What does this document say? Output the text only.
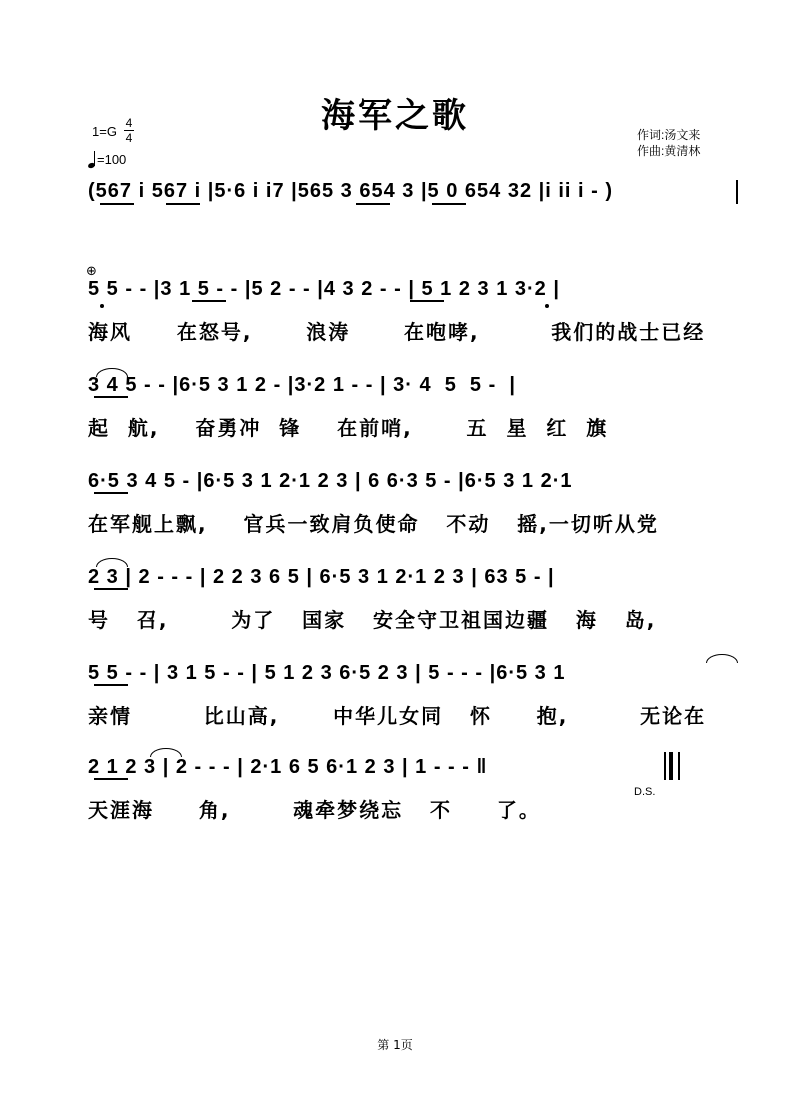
海军之歌
1=G
4
4
=100
作词:汤文来
作曲:黄清林
(567 i 567 i |5·6 i i7 |565 3 654 3 |5 0 654 32 |i ii i - )
⊕
5 5 - - |3 1 5 - - |5 2 - - |4 3 2 - - | 5 1 2 3 1 3·2 |
海风     在怒号,      浪涛      在咆哮,        我们的战士已经
3 4 5 - - |6·5 3 1 2 - |3·2 1 - - | 3· 4  5  5 -  |
起  航,    奋勇冲  锋    在前哨,      五  星  红  旗
6·5 3 4 5 - |6·5 3 1 2·1 2 3 | 6 6·3 5 - |6·5 3 1 2·1
在军舰上飘,    官兵一致肩负使命   不动   摇,一切听从党
2 3 | 2 - - - | 2 2 3 6 5 | 6·5 3 1 2·1 2 3 | 63 5 - |
号   召,       为了   国家   安全守卫祖国边疆   海   岛,
5 5 - - | 3 1 5 - - | 5 1 2 3 6·5 2 3 | 5 - - - |6·5 3 1
亲情        比山高,      中华儿女同   怀     抱,        无论在
2 1 2 3 | 2 - - - | 2·1 6 5 6·1 2 3 | 1 - - - ‖
天涯海     角,       魂牵梦绕忘   不     了。
D.S.
第 1页
